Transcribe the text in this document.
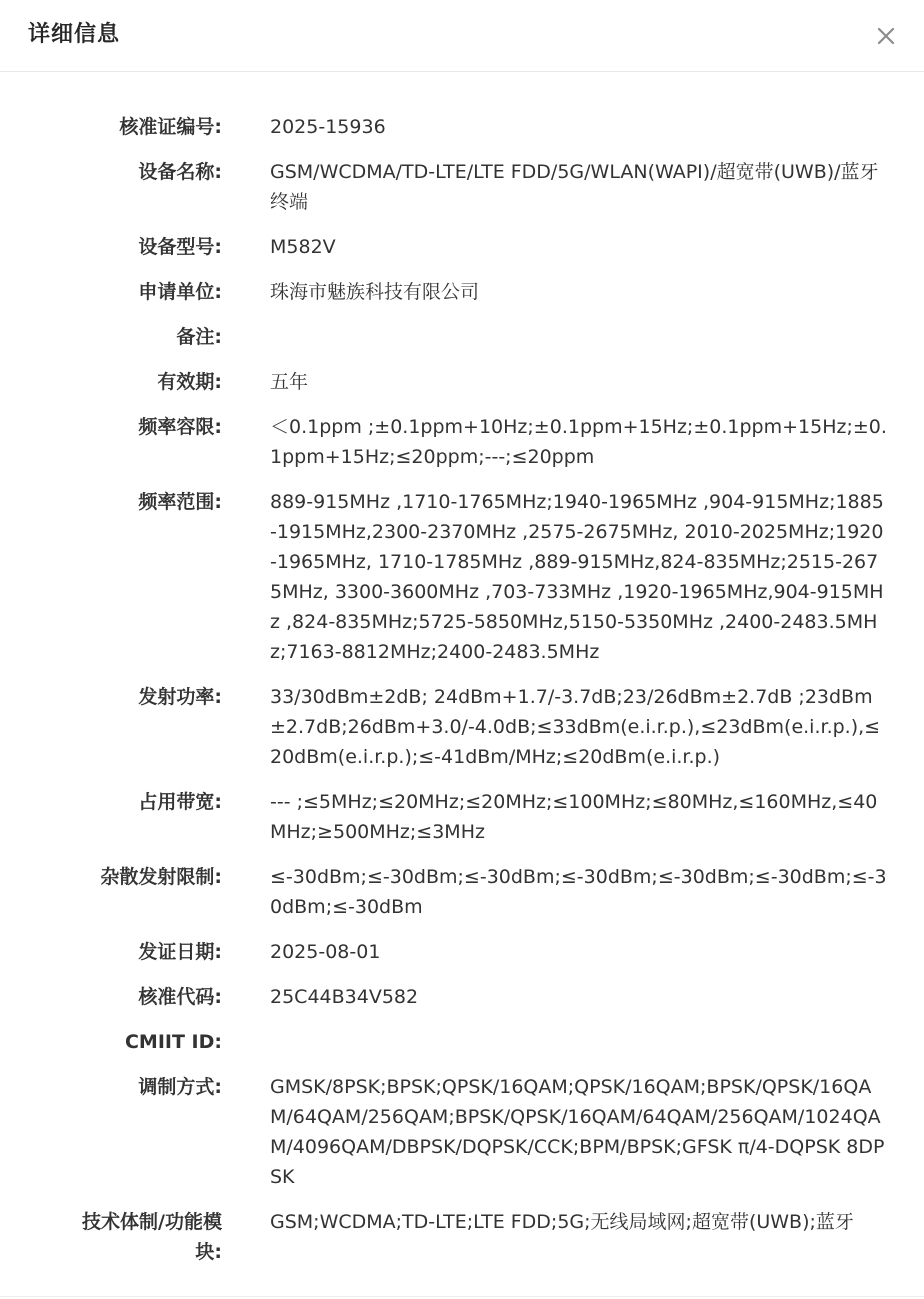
详细信息
核准证编号:	2025-15936
设备名称:	GSM/WCDMA/TD-LTE/LTE FDD/5G/WLAN(WAPI)/超宽带(UWB)/蓝牙终端
设备型号:	M582V
申请单位:	珠海市魅族科技有限公司
备注:
有效期:	五年
频率容限:	＜0.1ppm ;±0.1ppm+10Hz;±0.1ppm+15Hz;±0.1ppm+15Hz;±0.1ppm+15Hz;≤20ppm;---;≤20ppm
频率范围:	889-915MHz ,1710-1765MHz;1940-1965MHz ,904-915MHz;1885-1915MHz,2300-2370MHz ,2575-2675MHz, 2010-2025MHz;1920-1965MHz, 1710-1785MHz ,889-915MHz,824-835MHz;2515-2675MHz, 3300-3600MHz ,703-733MHz ,1920-1965MHz,904-915MHz ,824-835MHz;5725-5850MHz,5150-5350MHz ,2400-2483.5MHz;7163-8812MHz;2400-2483.5MHz
发射功率:	33/30dBm±2dB; 24dBm+1.7/-3.7dB;23/26dBm±2.7dB ;23dBm±2.7dB;26dBm+3.0/-4.0dB;≤33dBm(e.i.r.p.),≤23dBm(e.i.r.p.),≤20dBm(e.i.r.p.);≤-41dBm/MHz;≤20dBm(e.i.r.p.)
占用带宽:	--- ;≤5MHz;≤20MHz;≤20MHz;≤100MHz;≤80MHz,≤160MHz,≤40MHz;≥500MHz;≤3MHz
杂散发射限制:	≤-30dBm;≤-30dBm;≤-30dBm;≤-30dBm;≤-30dBm;≤-30dBm;≤-30dBm;≤-30dBm
发证日期:	2025-08-01
核准代码:	25C44B34V582
CMIIT ID:
调制方式:	GMSK/8PSK;BPSK;QPSK/16QAM;QPSK/16QAM;BPSK/QPSK/16QAM/64QAM/256QAM;BPSK/QPSK/16QAM/64QAM/256QAM/1024QAM/4096QAM/DBPSK/DQPSK/CCK;BPM/BPSK;GFSK π/4-DQPSK 8DPSK
技术体制/功能模块:
GSM;WCDMA;TD-LTE;LTE FDD;5G;无线局域网;超宽带(UWB);蓝牙
